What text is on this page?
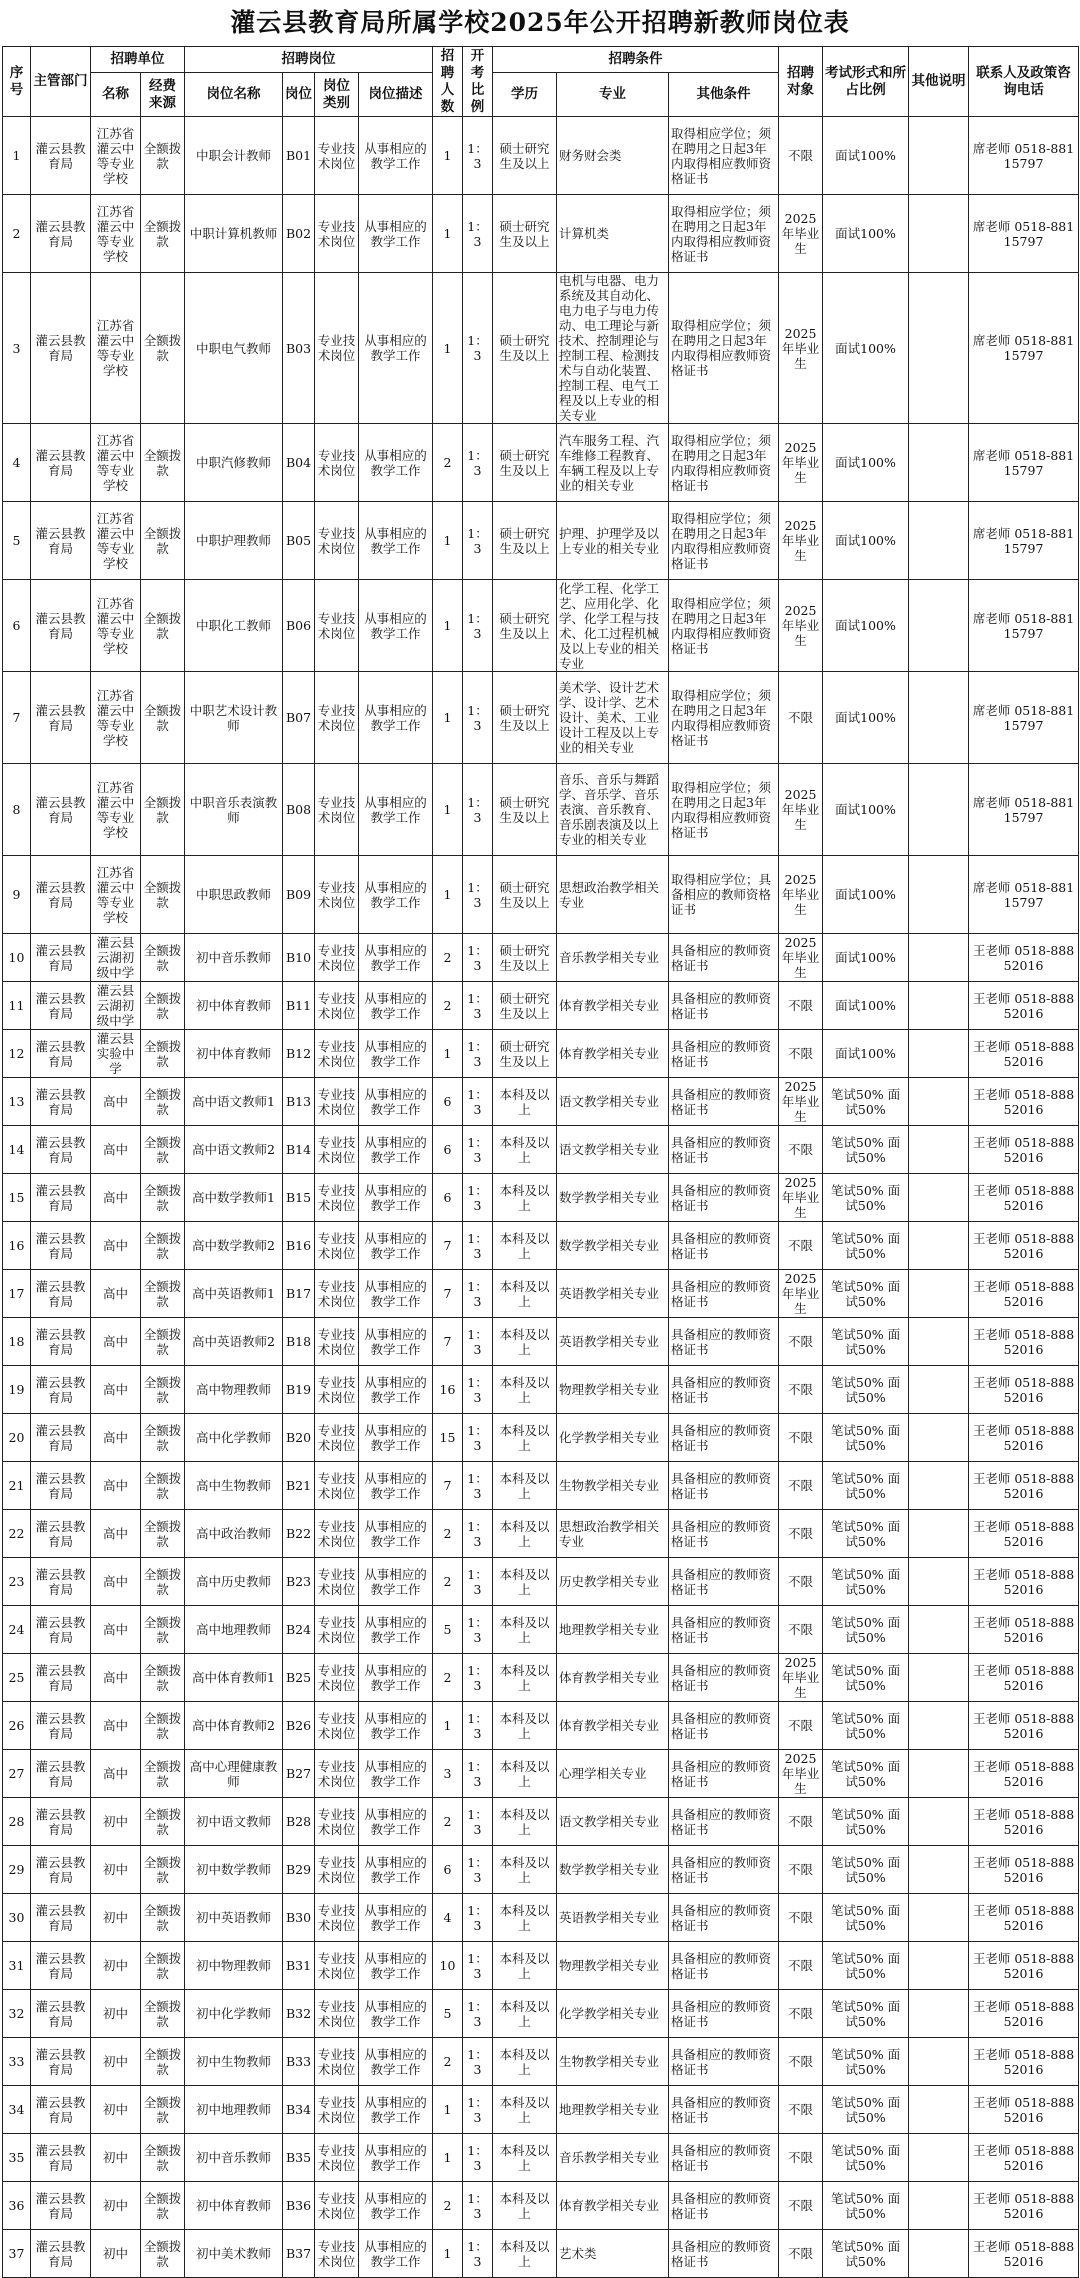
灌云县教育局所属学校2025年公开招聘新教师岗位表
序号	主管部门	招聘单位		招聘岗位				招聘人数	开考比例	招聘条件			招聘对象	考试形式和所占比例	其他说明	联系人及政策咨询电话
		名称	经费来源	岗位名称	岗位	岗位类别	岗位描述			学历	专业	其他条件				
1	灌云县教育局	江苏省灌云中等专业学校	全额拨款	中职会计教师	B01	专业技术岗位	从事相应的教学工作	1	1：3	硕士研究生及以上	财务财会类	取得相应学位；须在聘用之日起3年内取得相应教师资格证书	不限	面试100%		席老师 0518-88115797
2	灌云县教育局	江苏省灌云中等专业学校	全额拨款	中职计算机教师	B02	专业技术岗位	从事相应的教学工作	1	1：3	硕士研究生及以上	计算机类	取得相应学位；须在聘用之日起3年内取得相应教师资格证书	2025年毕业生	面试100%		席老师 0518-88115797
3	灌云县教育局	江苏省灌云中等专业学校	全额拨款	中职电气教师	B03	专业技术岗位	从事相应的教学工作	1	1：3	硕士研究生及以上	电机与电器、电力系统及其自动化、电力电子与电力传动、电工理论与新技术、控制理论与控制工程、检测技术与自动化装置、控制工程、电气工程及以上专业的相关专业	取得相应学位；须在聘用之日起3年内取得相应教师资格证书	2025年毕业生	面试100%		席老师 0518-88115797
4	灌云县教育局	江苏省灌云中等专业学校	全额拨款	中职汽修教师	B04	专业技术岗位	从事相应的教学工作	2	1：3	硕士研究生及以上	汽车服务工程、汽车维修工程教育、车辆工程及以上专业的相关专业	取得相应学位；须在聘用之日起3年内取得相应教师资格证书	2025年毕业生	面试100%		席老师 0518-88115797
5	灌云县教育局	江苏省灌云中等专业学校	全额拨款	中职护理教师	B05	专业技术岗位	从事相应的教学工作	1	1：3	硕士研究生及以上	护理、护理学及以上专业的相关专业	取得相应学位；须在聘用之日起3年内取得相应教师资格证书	2025年毕业生	面试100%		席老师 0518-88115797
6	灌云县教育局	江苏省灌云中等专业学校	全额拨款	中职化工教师	B06	专业技术岗位	从事相应的教学工作	1	1：3	硕士研究生及以上	化学工程、化学工艺、应用化学、化学、化学工程与技术、化工过程机械及以上专业的相关专业	取得相应学位；须在聘用之日起3年内取得相应教师资格证书	2025年毕业生	面试100%		席老师 0518-88115797
7	灌云县教育局	江苏省灌云中等专业学校	全额拨款	中职艺术设计教师	B07	专业技术岗位	从事相应的教学工作	1	1：3	硕士研究生及以上	美术学、设计艺术学、设计学、艺术设计、美术、工业设计工程及以上专业的相关专业	取得相应学位；须在聘用之日起3年内取得相应教师资格证书	不限	面试100%		席老师 0518-88115797
8	灌云县教育局	江苏省灌云中等专业学校	全额拨款	中职音乐表演教师	B08	专业技术岗位	从事相应的教学工作	1	1：3	硕士研究生及以上	音乐、音乐与舞蹈学、音乐学、音乐表演、音乐教育、音乐剧表演及以上专业的相关专业	取得相应学位；须在聘用之日起3年内取得相应教师资格证书	2025年毕业生	面试100%		席老师 0518-88115797
9	灌云县教育局	江苏省灌云中等专业学校	全额拨款	中职思政教师	B09	专业技术岗位	从事相应的教学工作	1	1：3	硕士研究生及以上	思想政治教学相关专业	取得相应学位；具备相应的教师资格证书	2025年毕业生	面试100%		席老师 0518-88115797
10	灌云县教育局	灌云县云湖初级中学	全额拨款	初中音乐教师	B10	专业技术岗位	从事相应的教学工作	2	1：3	硕士研究生及以上	音乐教学相关专业	具备相应的教师资格证书	2025年毕业生	面试100%		王老师 0518-88852016
11	灌云县教育局	灌云县云湖初级中学	全额拨款	初中体育教师	B11	专业技术岗位	从事相应的教学工作	2	1：3	硕士研究生及以上	体育教学相关专业	具备相应的教师资格证书	不限	面试100%		王老师 0518-88852016
12	灌云县教育局	灌云县实验中学	全额拨款	初中体育教师	B12	专业技术岗位	从事相应的教学工作	1	1：3	硕士研究生及以上	体育教学相关专业	具备相应的教师资格证书	不限	面试100%		王老师 0518-88852016
13	灌云县教育局	高中	全额拨款	高中语文教师1	B13	专业技术岗位	从事相应的教学工作	6	1：3	本科及以上	语文教学相关专业	具备相应的教师资格证书	2025年毕业生	笔试50% 面试50%		王老师 0518-88852016
14	灌云县教育局	高中	全额拨款	高中语文教师2	B14	专业技术岗位	从事相应的教学工作	6	1：3	本科及以上	语文教学相关专业	具备相应的教师资格证书	不限	笔试50% 面试50%		王老师 0518-88852016
15	灌云县教育局	高中	全额拨款	高中数学教师1	B15	专业技术岗位	从事相应的教学工作	6	1：3	本科及以上	数学教学相关专业	具备相应的教师资格证书	2025年毕业生	笔试50% 面试50%		王老师 0518-88852016
16	灌云县教育局	高中	全额拨款	高中数学教师2	B16	专业技术岗位	从事相应的教学工作	7	1：3	本科及以上	数学教学相关专业	具备相应的教师资格证书	不限	笔试50% 面试50%		王老师 0518-88852016
17	灌云县教育局	高中	全额拨款	高中英语教师1	B17	专业技术岗位	从事相应的教学工作	7	1：3	本科及以上	英语教学相关专业	具备相应的教师资格证书	2025年毕业生	笔试50% 面试50%		王老师 0518-88852016
18	灌云县教育局	高中	全额拨款	高中英语教师2	B18	专业技术岗位	从事相应的教学工作	7	1：3	本科及以上	英语教学相关专业	具备相应的教师资格证书	不限	笔试50% 面试50%		王老师 0518-88852016
19	灌云县教育局	高中	全额拨款	高中物理教师	B19	专业技术岗位	从事相应的教学工作	16	1：3	本科及以上	物理教学相关专业	具备相应的教师资格证书	不限	笔试50% 面试50%		王老师 0518-88852016
20	灌云县教育局	高中	全额拨款	高中化学教师	B20	专业技术岗位	从事相应的教学工作	15	1：3	本科及以上	化学教学相关专业	具备相应的教师资格证书	不限	笔试50% 面试50%		王老师 0518-88852016
21	灌云县教育局	高中	全额拨款	高中生物教师	B21	专业技术岗位	从事相应的教学工作	7	1：3	本科及以上	生物教学相关专业	具备相应的教师资格证书	不限	笔试50% 面试50%		王老师 0518-88852016
22	灌云县教育局	高中	全额拨款	高中政治教师	B22	专业技术岗位	从事相应的教学工作	2	1：3	本科及以上	思想政治教学相关专业	具备相应的教师资格证书	不限	笔试50% 面试50%		王老师 0518-88852016
23	灌云县教育局	高中	全额拨款	高中历史教师	B23	专业技术岗位	从事相应的教学工作	2	1：3	本科及以上	历史教学相关专业	具备相应的教师资格证书	不限	笔试50% 面试50%		王老师 0518-88852016
24	灌云县教育局	高中	全额拨款	高中地理教师	B24	专业技术岗位	从事相应的教学工作	5	1：3	本科及以上	地理教学相关专业	具备相应的教师资格证书	不限	笔试50% 面试50%		王老师 0518-88852016
25	灌云县教育局	高中	全额拨款	高中体育教师1	B25	专业技术岗位	从事相应的教学工作	2	1：3	本科及以上	体育教学相关专业	具备相应的教师资格证书	2025年毕业生	笔试50% 面试50%		王老师 0518-88852016
26	灌云县教育局	高中	全额拨款	高中体育教师2	B26	专业技术岗位	从事相应的教学工作	1	1：3	本科及以上	体育教学相关专业	具备相应的教师资格证书	不限	笔试50% 面试50%		王老师 0518-88852016
27	灌云县教育局	高中	全额拨款	高中心理健康教师	B27	专业技术岗位	从事相应的教学工作	3	1：3	本科及以上	心理学相关专业	具备相应的教师资格证书	2025年毕业生	笔试50% 面试50%		王老师 0518-88852016
28	灌云县教育局	初中	全额拨款	初中语文教师	B28	专业技术岗位	从事相应的教学工作	2	1：3	本科及以上	语文教学相关专业	具备相应的教师资格证书	不限	笔试50% 面试50%		王老师 0518-88852016
29	灌云县教育局	初中	全额拨款	初中数学教师	B29	专业技术岗位	从事相应的教学工作	6	1：3	本科及以上	数学教学相关专业	具备相应的教师资格证书	不限	笔试50% 面试50%		王老师 0518-88852016
30	灌云县教育局	初中	全额拨款	初中英语教师	B30	专业技术岗位	从事相应的教学工作	4	1：3	本科及以上	英语教学相关专业	具备相应的教师资格证书	不限	笔试50% 面试50%		王老师 0518-88852016
31	灌云县教育局	初中	全额拨款	初中物理教师	B31	专业技术岗位	从事相应的教学工作	10	1：3	本科及以上	物理教学相关专业	具备相应的教师资格证书	不限	笔试50% 面试50%		王老师 0518-88852016
32	灌云县教育局	初中	全额拨款	初中化学教师	B32	专业技术岗位	从事相应的教学工作	5	1：3	本科及以上	化学教学相关专业	具备相应的教师资格证书	不限	笔试50% 面试50%		王老师 0518-88852016
33	灌云县教育局	初中	全额拨款	初中生物教师	B33	专业技术岗位	从事相应的教学工作	2	1：3	本科及以上	生物教学相关专业	具备相应的教师资格证书	不限	笔试50% 面试50%		王老师 0518-88852016
34	灌云县教育局	初中	全额拨款	初中地理教师	B34	专业技术岗位	从事相应的教学工作	1	1：3	本科及以上	地理教学相关专业	具备相应的教师资格证书	不限	笔试50% 面试50%		王老师 0518-88852016
35	灌云县教育局	初中	全额拨款	初中音乐教师	B35	专业技术岗位	从事相应的教学工作	1	1：3	本科及以上	音乐教学相关专业	具备相应的教师资格证书	不限	笔试50% 面试50%		王老师 0518-88852016
36	灌云县教育局	初中	全额拨款	初中体育教师	B36	专业技术岗位	从事相应的教学工作	2	1：3	本科及以上	体育教学相关专业	具备相应的教师资格证书	不限	笔试50% 面试50%		王老师 0518-88852016
37	灌云县教育局	初中	全额拨款	初中美术教师	B37	专业技术岗位	从事相应的教学工作	1	1：3	本科及以上	艺术类	具备相应的教师资格证书	不限	笔试50% 面试50%		王老师 0518-88852016
